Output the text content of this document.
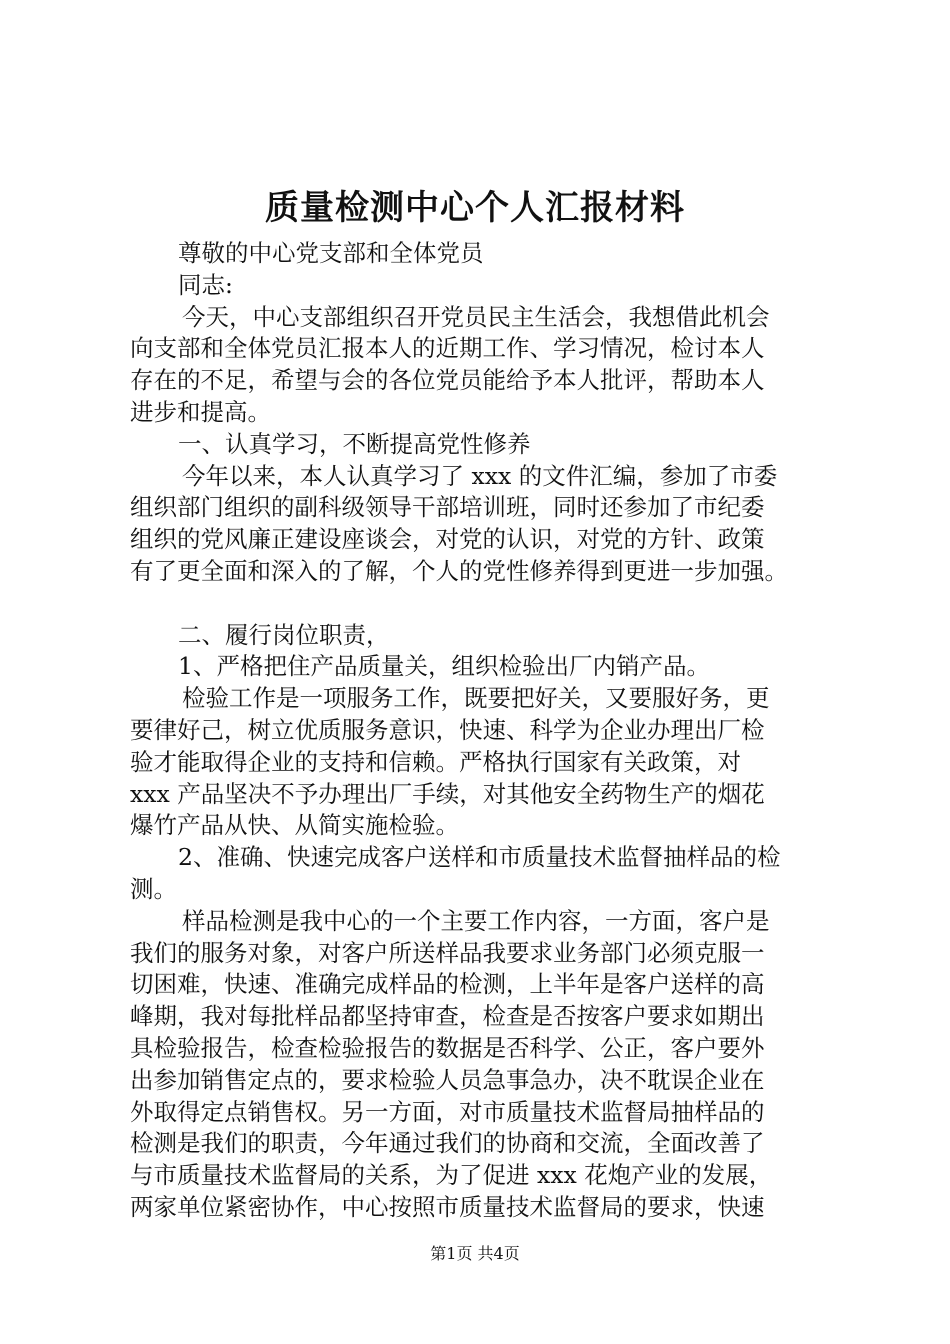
质量检测中心个人汇报材料
尊敬的中心党支部和全体党员
同志:
今天，中心支部组织召开党员民主生活会，我想借此机会
向支部和全体党员汇报本人的近期工作、学习情况，检讨本人
存在的不足，希望与会的各位党员能给予本人批评，帮助本人
进步和提高。
一、认真学习，不断提高党性修养
今年以来，本人认真学习了 xxx 的文件汇编，参加了市委
组织部门组织的副科级领导干部培训班，同时还参加了市纪委
组织的党风廉正建设座谈会，对党的认识，对党的方针、政策
有了更全面和深入的了解，个人的党性修养得到更进一步加强。
二、履行岗位职责，
1、严格把住产品质量关，组织检验出厂内销产品。
检验工作是一项服务工作，既要把好关，又要服好务，更
要律好己，树立优质服务意识，快速、科学为企业办理出厂检
验才能取得企业的支持和信赖。严格执行国家有关政策，对
xxx 产品坚决不予办理出厂手续，对其他安全药物生产的烟花
爆竹产品从快、从简实施检验。
2、准确、快速完成客户送样和市质量技术监督抽样品的检
测。
样品检测是我中心的一个主要工作内容，一方面，客户是
我们的服务对象，对客户所送样品我要求业务部门必须克服一
切困难，快速、准确完成样品的检测，上半年是客户送样的高
峰期，我对每批样品都坚持审查，检查是否按客户要求如期出
具检验报告，检查检验报告的数据是否科学、公正，客户要外
出参加销售定点的，要求检验人员急事急办，决不耽误企业在
外取得定点销售权。另一方面，对市质量技术监督局抽样品的
检测是我们的职责，今年通过我们的协商和交流，全面改善了
与市质量技术监督局的关系，为了促进 xxx 花炮产业的发展，
两家单位紧密协作，中心按照市质量技术监督局的要求，快速
第1页 共4页
